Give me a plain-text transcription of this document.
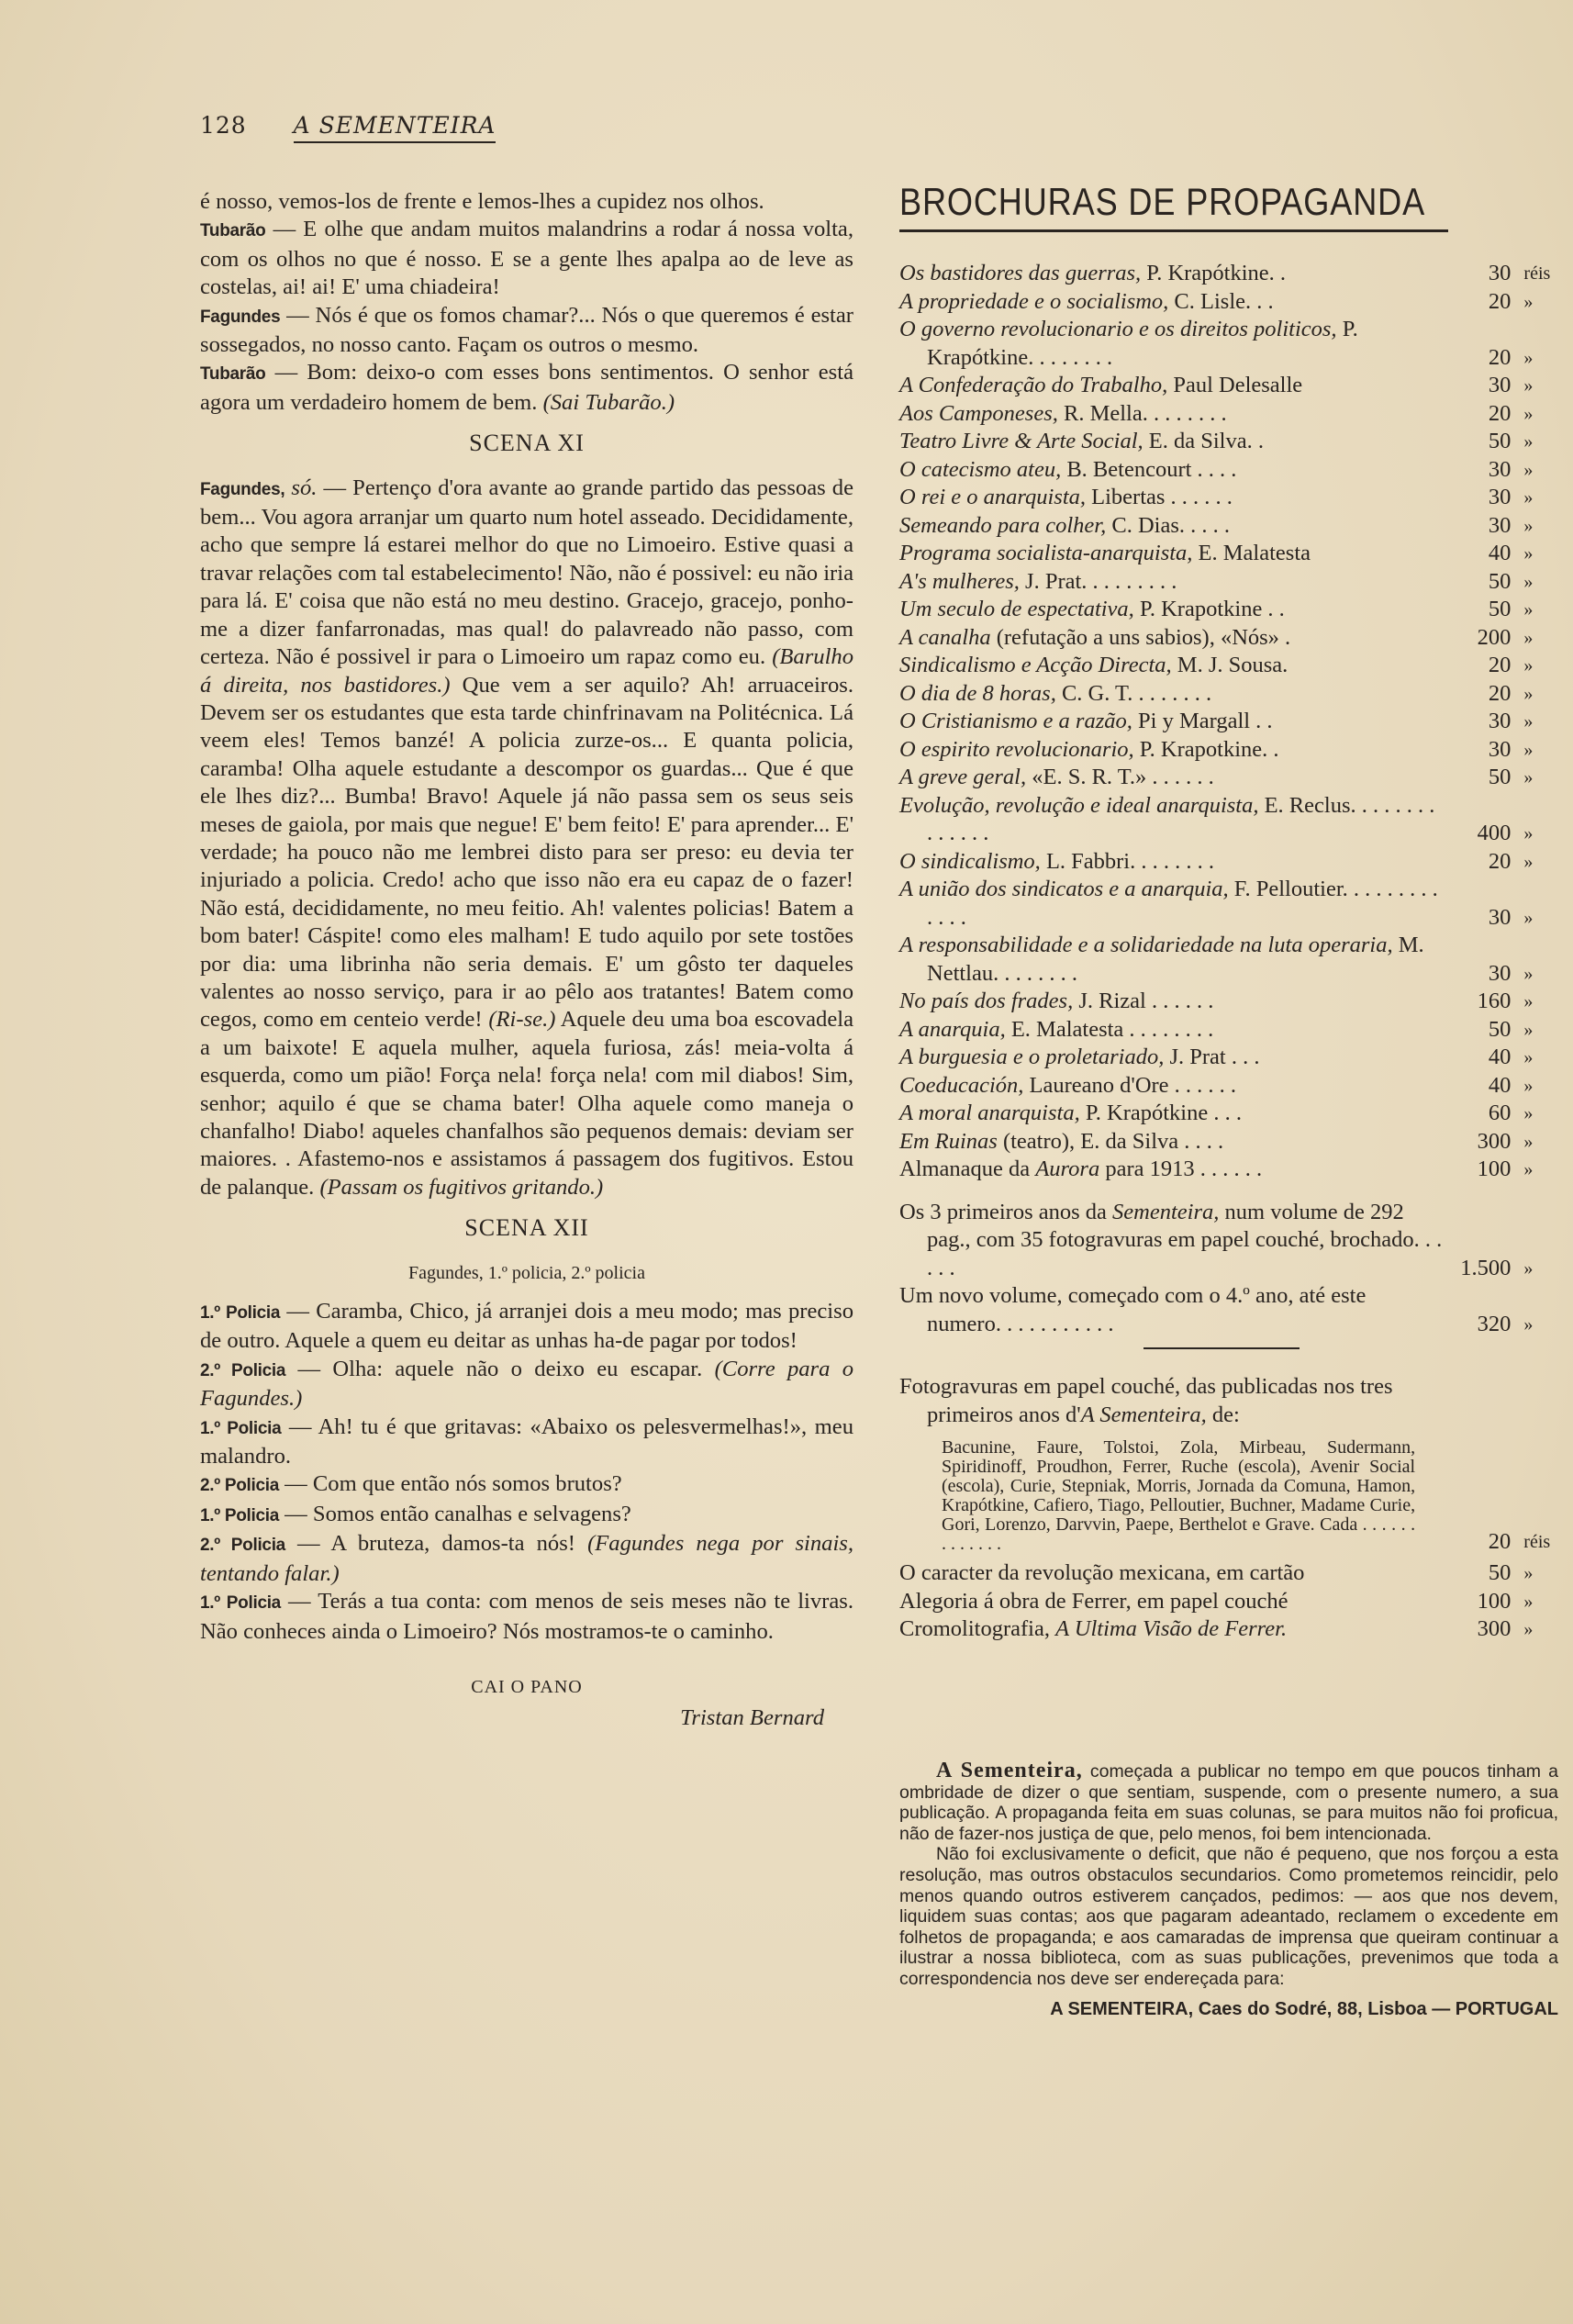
128 A SEMENTEIRA

é nosso, vemos-los de frente e lemos-lhes a cupidez nos olhos.

Tubarão — E olhe que andam muitos malandrins a rodar á nossa volta, com os olhos no que é nosso. E se a gente lhes apalpa ao de leve as costelas, ai! ai! E' uma chiadeira!

Fagundes — Nós é que os fomos chamar?... Nós o que queremos é estar sossegados, no nosso canto. Façam os outros o mesmo.

Tubarão — Bom: deixo-o com esses bons sentimentos. O senhor está agora um verdadeiro homem de bem. (Sai Tubarão.)

SCENA XI

Fagundes, só. — Pertenço d'ora avante ao grande partido das pessoas de bem... Vou agora arranjar um quarto num hotel asseado. Decididamente, acho que sempre lá estarei melhor do que no Limoeiro. Estive quasi a travar relações com tal estabelecimento! Não, não é possivel: eu não iria para lá. E' coisa que não está no meu destino. Gracejo, gracejo, ponho-me a dizer fanfarronadas, mas qual! do palavreado não passo, com certeza. Não é possivel ir para o Limoeiro um rapaz como eu. (Barulho á direita, nos bastidores.) Que vem a ser aquilo? Ah! arruaceiros. Devem ser os estudantes que esta tarde chinfrinavam na Politécnica. Lá veem eles! Temos banzé! A policia zurze-os... E quanta policia, caramba! Olha aquele estudante a descompor os guardas... Que é que ele lhes diz?... Bumba! Bravo! Aquele já não passa sem os seus seis meses de gaiola, por mais que negue! E' bem feito! E' para aprender... E' verdade; ha pouco não me lembrei disto para ser preso: eu devia ter injuriado a policia. Credo! acho que isso não era eu capaz de o fazer! Não está, decididamente, no meu feitio. Ah! valentes policias! Batem a bom bater! Cáspite! como eles malham! E tudo aquilo por sete tostões por dia: uma librinha não seria demais. E' um gôsto ter daqueles valentes ao nosso serviço, para ir ao pêlo aos tratantes! Batem como cegos, como em centeio verde! (Ri-se.) Aquele deu uma boa escovadela a um baixote! E aquela mulher, aquela furiosa, zás! meia-volta á esquerda, como um pião! Força nela! força nela! com mil diabos! Sim, senhor; aquilo é que se chama bater! Olha aquele como maneja o chanfalho! Diabo! aqueles chanfalhos são pequenos demais: deviam ser maiores. . Afastemo-nos e assistamos á passagem dos fugitivos. Estou de palanque. (Passam os fugitivos gritando.)

SCENA XII

Fagundes, 1.º policia, 2.º policia

1.º Policia — Caramba, Chico, já arranjei dois a meu modo; mas preciso de outro. Aquele a quem eu deitar as unhas ha-de pagar por todos!

2.º Policia — Olha: aquele não o deixo eu escapar. (Corre para o Fagundes.)

1.º Policia — Ah! tu é que gritavas: «Abaixo os pelesvermelhas!», meu malandro.

2.º Policia — Com que então nós somos brutos?

1.º Policia — Somos então canalhas e selvagens?

2.º Policia — A bruteza, damos-ta nós! (Fagundes nega por sinais, tentando falar.)

1.º Policia — Terás a tua conta: com menos de seis meses não te livras. Não conheces ainda o Limoeiro? Nós mostramos-te o caminho.

CAI O PANO

Tristan Bernard

BROCHURAS DE PROPAGANDA
Os bastidores das guerras, P. Krapótkine. .	30 réis
A propriedade e o socialismo, C. Lisle. . .	20 »
O governo revolucionario e os direitos politicos, P. Krapótkine. . . . . . . .	20 »
A Confederação do Trabalho, Paul Delesalle	30 »
Aos Camponeses, R. Mella. . . . . . . .	20 »
Teatro Livre & Arte Social, E. da Silva. .	50 »
O catecismo ateu, B. Betencourt . . . .	30 »
O rei e o anarquista, Libertas . . . . . .	30 »
Semeando para colher, C. Dias. . . . .	30 »
Programa socialista-anarquista, E. Malatesta	40 »
A's mulheres, J. Prat. . . . . . . . .	50 »
Um seculo de espectativa, P. Krapotkine . .	50 »
A canalha (refutação a uns sabios), «Nós» .	200 »
Sindicalismo e Acção Directa, M. J. Sousa.	20 »
O dia de 8 horas, C. G. T. . . . . . . .	20 »
O Cristianismo e a razão, Pi y Margall . .	30 »
O espirito revolucionario, P. Krapotkine. .	30 »
A greve geral, «E. S. R. T.» . . . . . .	50 »
Evolução, revolução e ideal anarquista, E. Reclus. . . . . . . . . . . . . .	400 »
O sindicalismo, L. Fabbri. . . . . . . .	20 »
A união dos sindicatos e a anarquia, F. Pelloutier. . . . . . . . . . . . .	30 »
A responsabilidade e a solidariedade na luta operaria, M. Nettlau. . . . . . . .	30 »
No país dos frades, J. Rizal . . . . . .	160 »
A anarquia, E. Malatesta . . . . . . . .	50 »
A burguesia e o proletariado, J. Prat . . .	40 »
Coeducación, Laureano d'Ore . . . . . .	40 »
A moral anarquista, P. Krapótkine . . .	60 »
Em Ruinas (teatro), E. da Silva . . . .	300 »
Almanaque da Aurora para 1913 . . . . . .	100 »
Os 3 primeiros anos da Sementeira, num volume de 292 pag., com 35 fotogravuras em papel couché, brochado. . . . . .	1.500 »
Um novo volume, começado com o 4.º ano, até este numero. . . . . . . . . . .	320 »
Fotogravuras em papel couché, das publicadas nos tres primeiros anos d'A Sementeira, de:
Bacunine, Faure, Tolstoi, Zola, Mirbeau, Sudermann, Spiridinoff, Proudhon, Ferrer, Ruche (escola), Avenir Social (escola), Curie, Stepniak, Morris, Jornada da Comuna, Hamon, Krapótkine, Cafiero, Tiago, Pelloutier, Buchner, Madame Curie, Gori, Lorenzo, Darvvin, Paepe, Berthelot e Grave. Cada . . . . . . . . . . . . .	20 réis
O caracter da revolução mexicana, em cartão	50 »
Alegoria á obra de Ferrer, em papel couché	100 »
Cromolitografia, A Ultima Visão de Ferrer.	300 »

A Sementeira, começada a publicar no tempo em que poucos tinham a ombridade de dizer o que sentiam, suspende, com o presente numero, a sua publicação. A propaganda feita em suas colunas, se para muitos não foi proficua, não de fazer-nos justiça de que, pelo menos, foi bem intencionada.

Não foi exclusivamente o deficit, que não é pequeno, que nos forçou a esta resolução, mas outros obstaculos secundarios. Como prometemos reincidir, pelo menos quando outros estiverem cançados, pedimos: — aos que nos devem, liquidem suas contas; aos que pagaram adeantado, reclamem o excedente em folhetos de propaganda; e aos camaradas de imprensa que queiram continuar a ilustrar a nossa biblioteca, com as suas publicações, prevenimos que toda a correspondencia nos deve ser endereçada para:

A SEMENTEIRA, Caes do Sodré, 88, Lisboa — PORTUGAL
